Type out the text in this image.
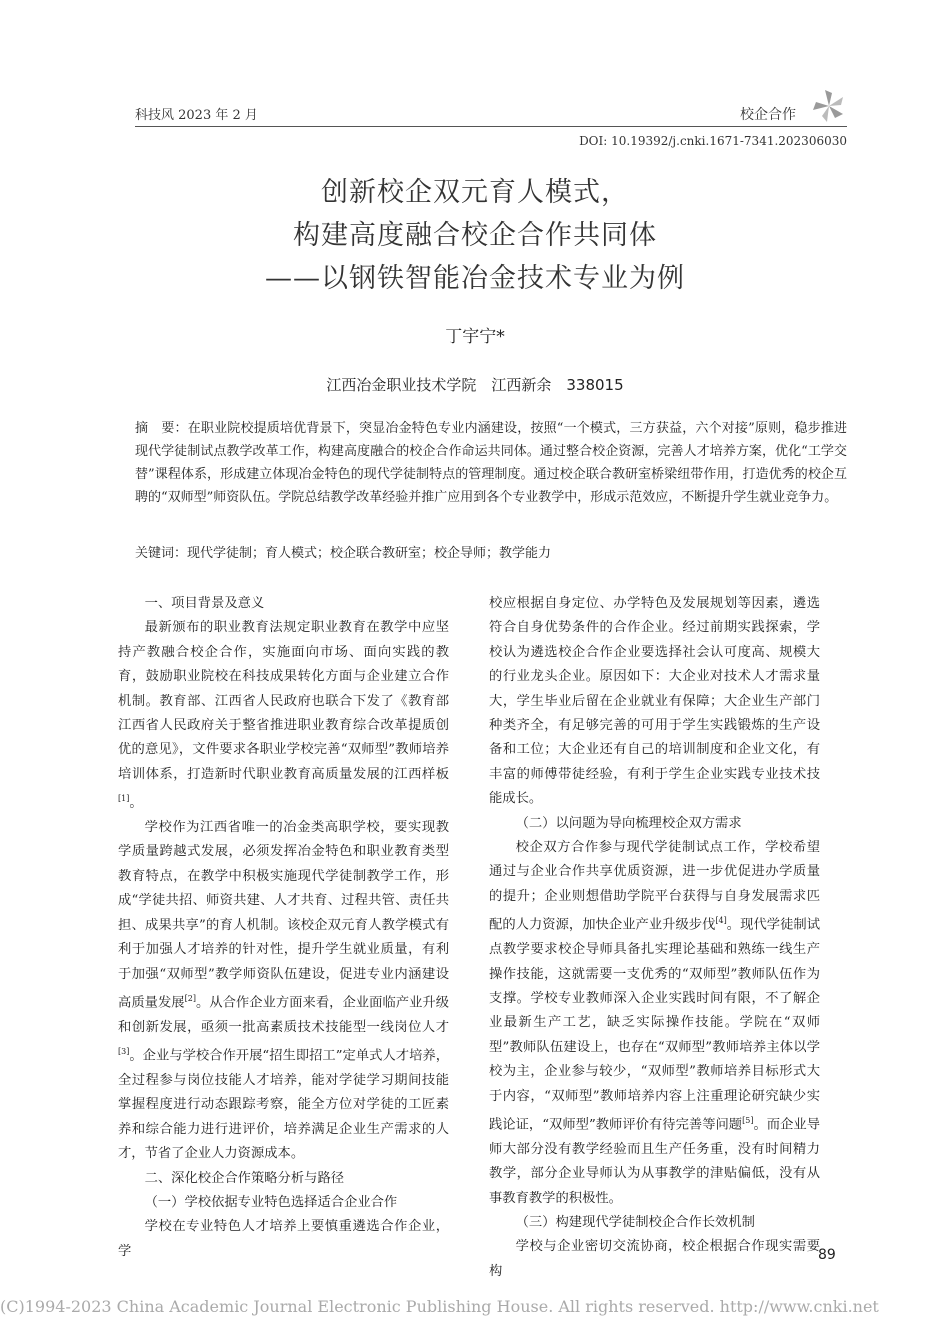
科技风 2023 年 2 月	校企合作
DOI: 10.19392/j.cnki.1671-7341.202306030
创新校企双元育人模式，
构建高度融合校企合作共同体
——以钢铁智能冶金技术专业为例
丁宇宁*
江西冶金职业技术学院　江西新余　338015
摘　要：在职业院校提质培优背景下，突显冶金特色专业内涵建设，按照“一个模式，三方获益，六个对接”原则，稳步推进现代学徒制试点教学改革工作，构建高度融合的校企合作命运共同体。通过整合校企资源，完善人才培养方案，优化“工学交替”课程体系，形成建立体现冶金特色的现代学徒制特点的管理制度。通过校企联合教研室桥梁纽带作用，打造优秀的校企互聘的“双师型”师资队伍。学院总结教学改革经验并推广应用到各个专业教学中，形成示范效应，不断提升学生就业竞争力。
关键词：现代学徒制；育人模式；校企联合教研室；校企导师；教学能力

一、项目背景及意义

最新颁布的职业教育法规定职业教育在教学中应坚持产教融合校企合作，实施面向市场、面向实践的教育，鼓励职业院校在科技成果转化方面与企业建立合作机制。教育部、江西省人民政府也联合下发了《教育部江西省人民政府关于整省推进职业教育综合改革提质创优的意见》，文件要求各职业学校完善“双师型”教师培养培训体系，打造新时代职业教育高质量发展的江西样板[1]。

学校作为江西省唯一的冶金类高职学校，要实现教学质量跨越式发展，必须发挥冶金特色和职业教育类型教育特点，在教学中积极实施现代学徒制教学工作，形成“学徒共招、师资共建、人才共育、过程共管、责任共担、成果共享”的育人机制。该校企双元育人教学模式有利于加强人才培养的针对性，提升学生就业质量，有利于加强“双师型”教学师资队伍建设，促进专业内涵建设高质量发展[2]。从合作企业方面来看，企业面临产业升级和创新发展，亟须一批高素质技术技能型一线岗位人才[3]。企业与学校合作开展“招生即招工”定单式人才培养，全过程参与岗位技能人才培养，能对学徒学习期间技能掌握程度进行动态跟踪考察，能全方位对学徒的工匠素养和综合能力进行进评价，培养满足企业生产需求的人才，节省了企业人力资源成本。

二、深化校企合作策略分析与路径

（一）学校依据专业特色选择适合企业合作

学校在专业特色人才培养上要慎重遴选合作企业，学

校应根据自身定位、办学特色及发展规划等因素，遴选符合自身优势条件的合作企业。经过前期实践探索，学校认为遴选校企合作企业要选择社会认可度高、规模大的行业龙头企业。原因如下：大企业对技术人才需求量大，学生毕业后留在企业就业有保障；大企业生产部门种类齐全，有足够完善的可用于学生实践锻炼的生产设备和工位；大企业还有自己的培训制度和企业文化，有丰富的师傅带徒经验，有利于学生企业实践专业技术技能成长。

（二）以问题为导向梳理校企双方需求

校企双方合作参与现代学徒制试点工作，学校希望通过与企业合作共享优质资源，进一步优促进办学质量的提升；企业则想借助学院平台获得与自身发展需求匹配的人力资源，加快企业产业升级步伐[4]。现代学徒制试点教学要求校企导师具备扎实理论基础和熟练一线生产操作技能，这就需要一支优秀的“双师型”教师队伍作为支撑。学校专业教师深入企业实践时间有限，不了解企业最新生产工艺，缺乏实际操作技能。学院在“双师型”教师队伍建设上，也存在“双师型”教师培养主体以学校为主，企业参与较少，“双师型”教师培养目标形式大于内容，“双师型”教师培养内容上注重理论研究缺少实践论证，“双师型”教师评价有待完善等问题[5]。而企业导师大部分没有教学经验而且生产任务重，没有时间精力教学，部分企业导师认为从事教学的津贴偏低，没有从事教育教学的积极性。

（三）构建现代学徒制校企合作长效机制

学校与企业密切交流协商，校企根据合作现实需要构

89
(C)1994-2023 China Academic Journal Electronic Publishing House. All rights reserved. http://www.cnki.net
